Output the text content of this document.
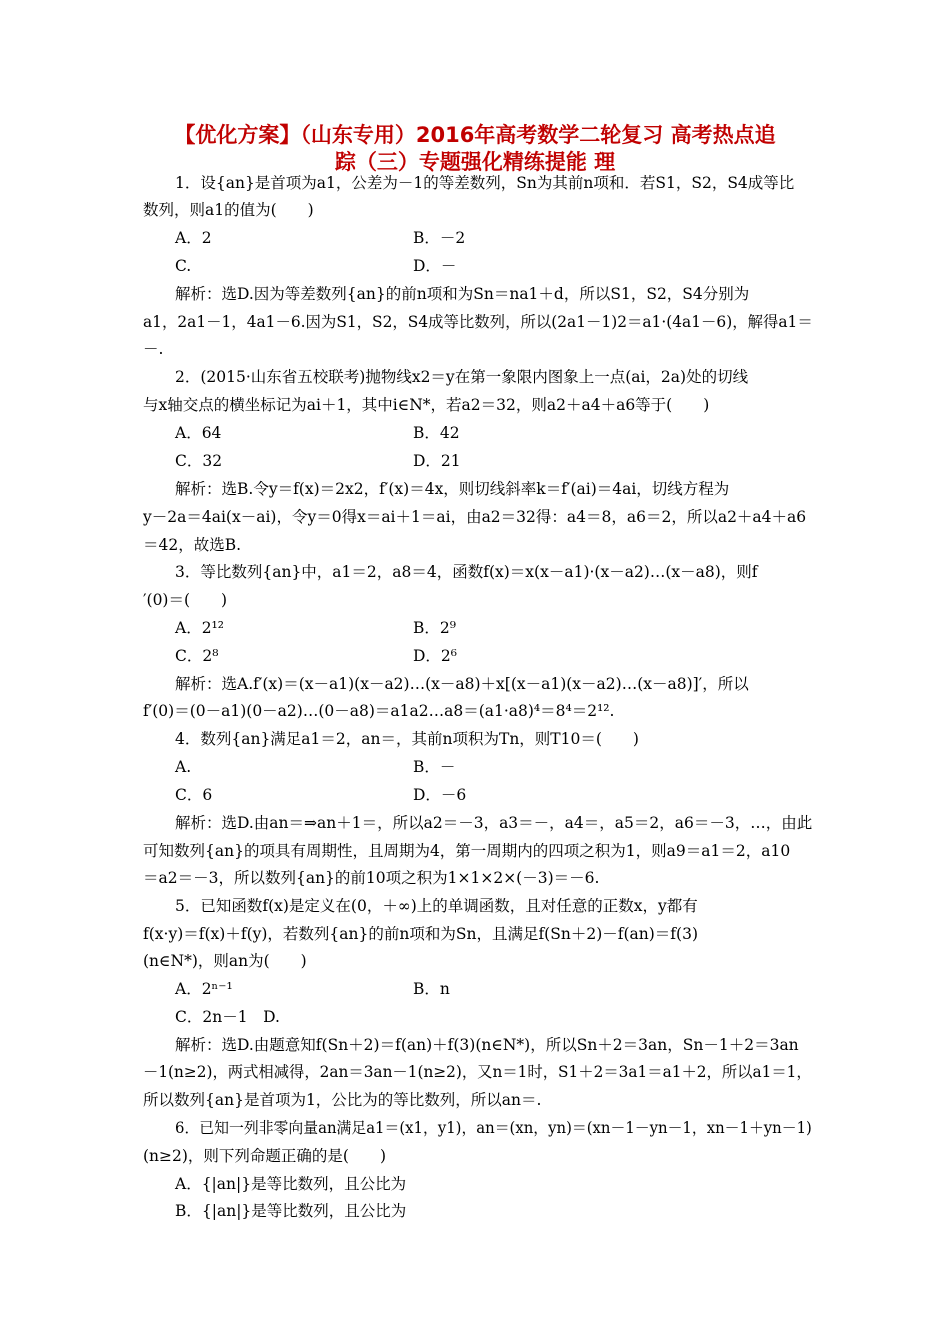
【优化方案】（山东专用）2016年高考数学二轮复习 高考热点追
踪（三）专题强化精练提能 理
1．设{an}是首项为a1，公差为－1的等差数列，Sn为其前n项和．若S1，S2，S4成等比
数列，则a1的值为(　　)
A．2	B．－2
C.	D．－
解析：选D.因为等差数列{an}的前n项和为Sn＝na1＋d，所以S1，S2，S4分别为
a1，2a1－1，4a1－6.因为S1，S2，S4成等比数列，所以(2a1－1)2＝a1·(4a1－6)，解得a1＝
－.
2．(2015·山东省五校联考)抛物线x2＝y在第一象限内图象上一点(ai，2a)处的切线
与x轴交点的横坐标记为ai＋1，其中i∈N*，若a2＝32，则a2＋a4＋a6等于(　　)
A．64	B．42
C．32	D．21
解析：选B.令y＝f(x)＝2x2，f′(x)＝4x，则切线斜率k＝f′(ai)＝4ai，切线方程为
y－2a＝4ai(x－ai)，令y＝0得x＝ai＋1＝ai，由a2＝32得：a4＝8，a6＝2，所以a2＋a4＋a6
＝42，故选B.
3．等比数列{an}中，a1＝2，a8＝4，函数f(x)＝x(x－a1)·(x－a2)…(x－a8)，则f
′(0)＝(　　)
A．2¹²	B．2⁹
C．2⁸	D．2⁶
解析：选A.f′(x)＝(x－a1)(x－a2)…(x－a8)＋x[(x－a1)(x－a2)…(x－a8)]′，所以
f′(0)＝(0－a1)(0－a2)…(0－a8)＝a1a2…a8＝(a1·a8)⁴＝8⁴＝2¹².
4．数列{an}满足a1＝2，an＝，其前n项积为Tn，则T10＝(　　)
A.	B．－
C．6	D．－6
解析：选D.由an＝⇒an＋1＝，所以a2＝－3，a3＝－，a4＝，a5＝2，a6＝－3，…，由此
可知数列{an}的项具有周期性，且周期为4，第一周期内的四项之积为1，则a9＝a1＝2，a10
＝a2＝－3，所以数列{an}的前10项之积为1×1×2×(－3)＝－6.
5．已知函数f(x)是定义在(0，＋∞)上的单调函数，且对任意的正数x，y都有
f(x·y)＝f(x)＋f(y)，若数列{an}的前n项和为Sn，且满足f(Sn＋2)－f(an)＝f(3)
(n∈N*)，则an为(　　)
A．2ⁿ⁻¹	B．n
C．2n－1　D.
解析：选D.由题意知f(Sn＋2)＝f(an)＋f(3)(n∈N*)，所以Sn＋2＝3an，Sn－1＋2＝3an
－1(n≥2)，两式相减得，2an＝3an－1(n≥2)，又n＝1时，S1＋2＝3a1＝a1＋2，所以a1＝1，
所以数列{an}是首项为1，公比为的等比数列，所以an＝.
6．已知一列非零向量an满足a1＝(x1，y1)，an＝(xn，yn)＝(xn－1－yn－1，xn－1＋yn－1)
(n≥2)，则下列命题正确的是(　　)
A．{|an|}是等比数列，且公比为
B．{|an|}是等比数列，且公比为
